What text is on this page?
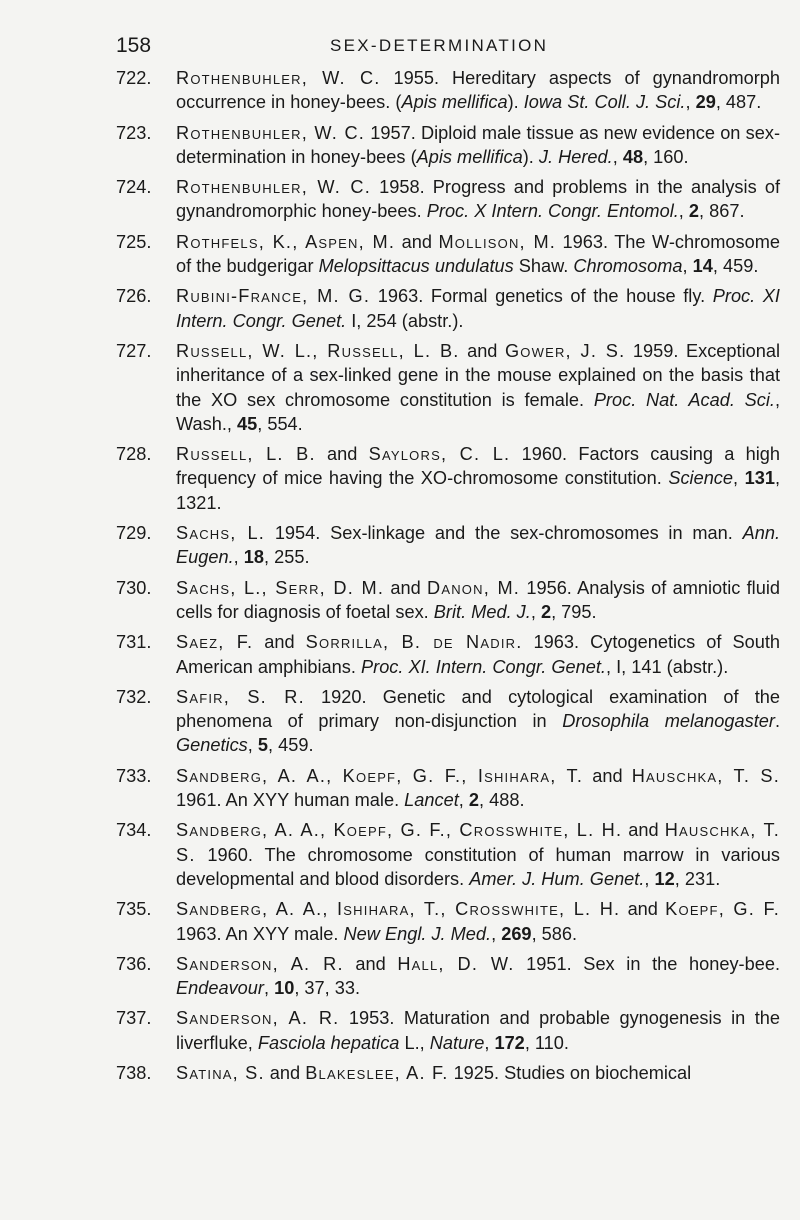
158	SEX-DETERMINATION
722. Rothenbuhler, W. C. 1955. Hereditary aspects of gynandromorph occurrence in honey-bees. (Apis mellifica). Iowa St. Coll. J. Sci., 29, 487.
723. Rothenbuhler, W. C. 1957. Diploid male tissue as new evidence on sex-determination in honey-bees (Apis mellifica). J. Hered., 48, 160.
724. Rothenbuhler, W. C. 1958. Progress and problems in the analysis of gynandromorphic honey-bees. Proc. X Intern. Congr. Entomol., 2, 867.
725. Rothfels, K., Aspen, M. and Mollison, M. 1963. The W-chromosome of the budgerigar Melopsittacus undulatus Shaw. Chromosoma, 14, 459.
726. Rubini-France, M. G. 1963. Formal genetics of the house fly. Proc. XI Intern. Congr. Genet. I, 254 (abstr.).
727. Russell, W. L., Russell, L. B. and Gower, J. S. 1959. Exceptional inheritance of a sex-linked gene in the mouse explained on the basis that the XO sex chromosome constitution is female. Proc. Nat. Acad. Sci., Wash., 45, 554.
728. Russell, L. B. and Saylors, C. L. 1960. Factors causing a high frequency of mice having the XO-chromosome constitution. Science, 131, 1321.
729. Sachs, L. 1954. Sex-linkage and the sex-chromosomes in man. Ann. Eugen., 18, 255.
730. Sachs, L., Serr, D. M. and Danon, M. 1956. Analysis of amniotic fluid cells for diagnosis of foetal sex. Brit. Med. J., 2, 795.
731. Saez, F. and Sorrilla, B. de Nadir. 1963. Cytogenetics of South American amphibians. Proc. XI. Intern. Congr. Genet., I, 141 (abstr.).
732. Safir, S. R. 1920. Genetic and cytological examination of the phenomena of primary non-disjunction in Drosophila melanogaster. Genetics, 5, 459.
733. Sandberg, A. A., Koepf, G. F., Ishihara, T. and Hauschka, T. S. 1961. An XYY human male. Lancet, 2, 488.
734. Sandberg, A. A., Koepf, G. F., Crosswhite, L. H. and Hauschka, T. S. 1960. The chromosome constitution of human marrow in various developmental and blood disorders. Amer. J. Hum. Genet., 12, 231.
735. Sandberg, A. A., Ishihara, T., Crosswhite, L. H. and Koepf, G. F. 1963. An XYY male. New Engl. J. Med., 269, 586.
736. Sanderson, A. R. and Hall, D. W. 1951. Sex in the honey-bee. Endeavour, 10, 37, 33.
737. Sanderson, A. R. 1953. Maturation and probable gynogenesis in the liverfluke, Fasciola hepatica L., Nature, 172, 110.
738. Satina, S. and Blakeslee, A. F. 1925. Studies on biochemical
